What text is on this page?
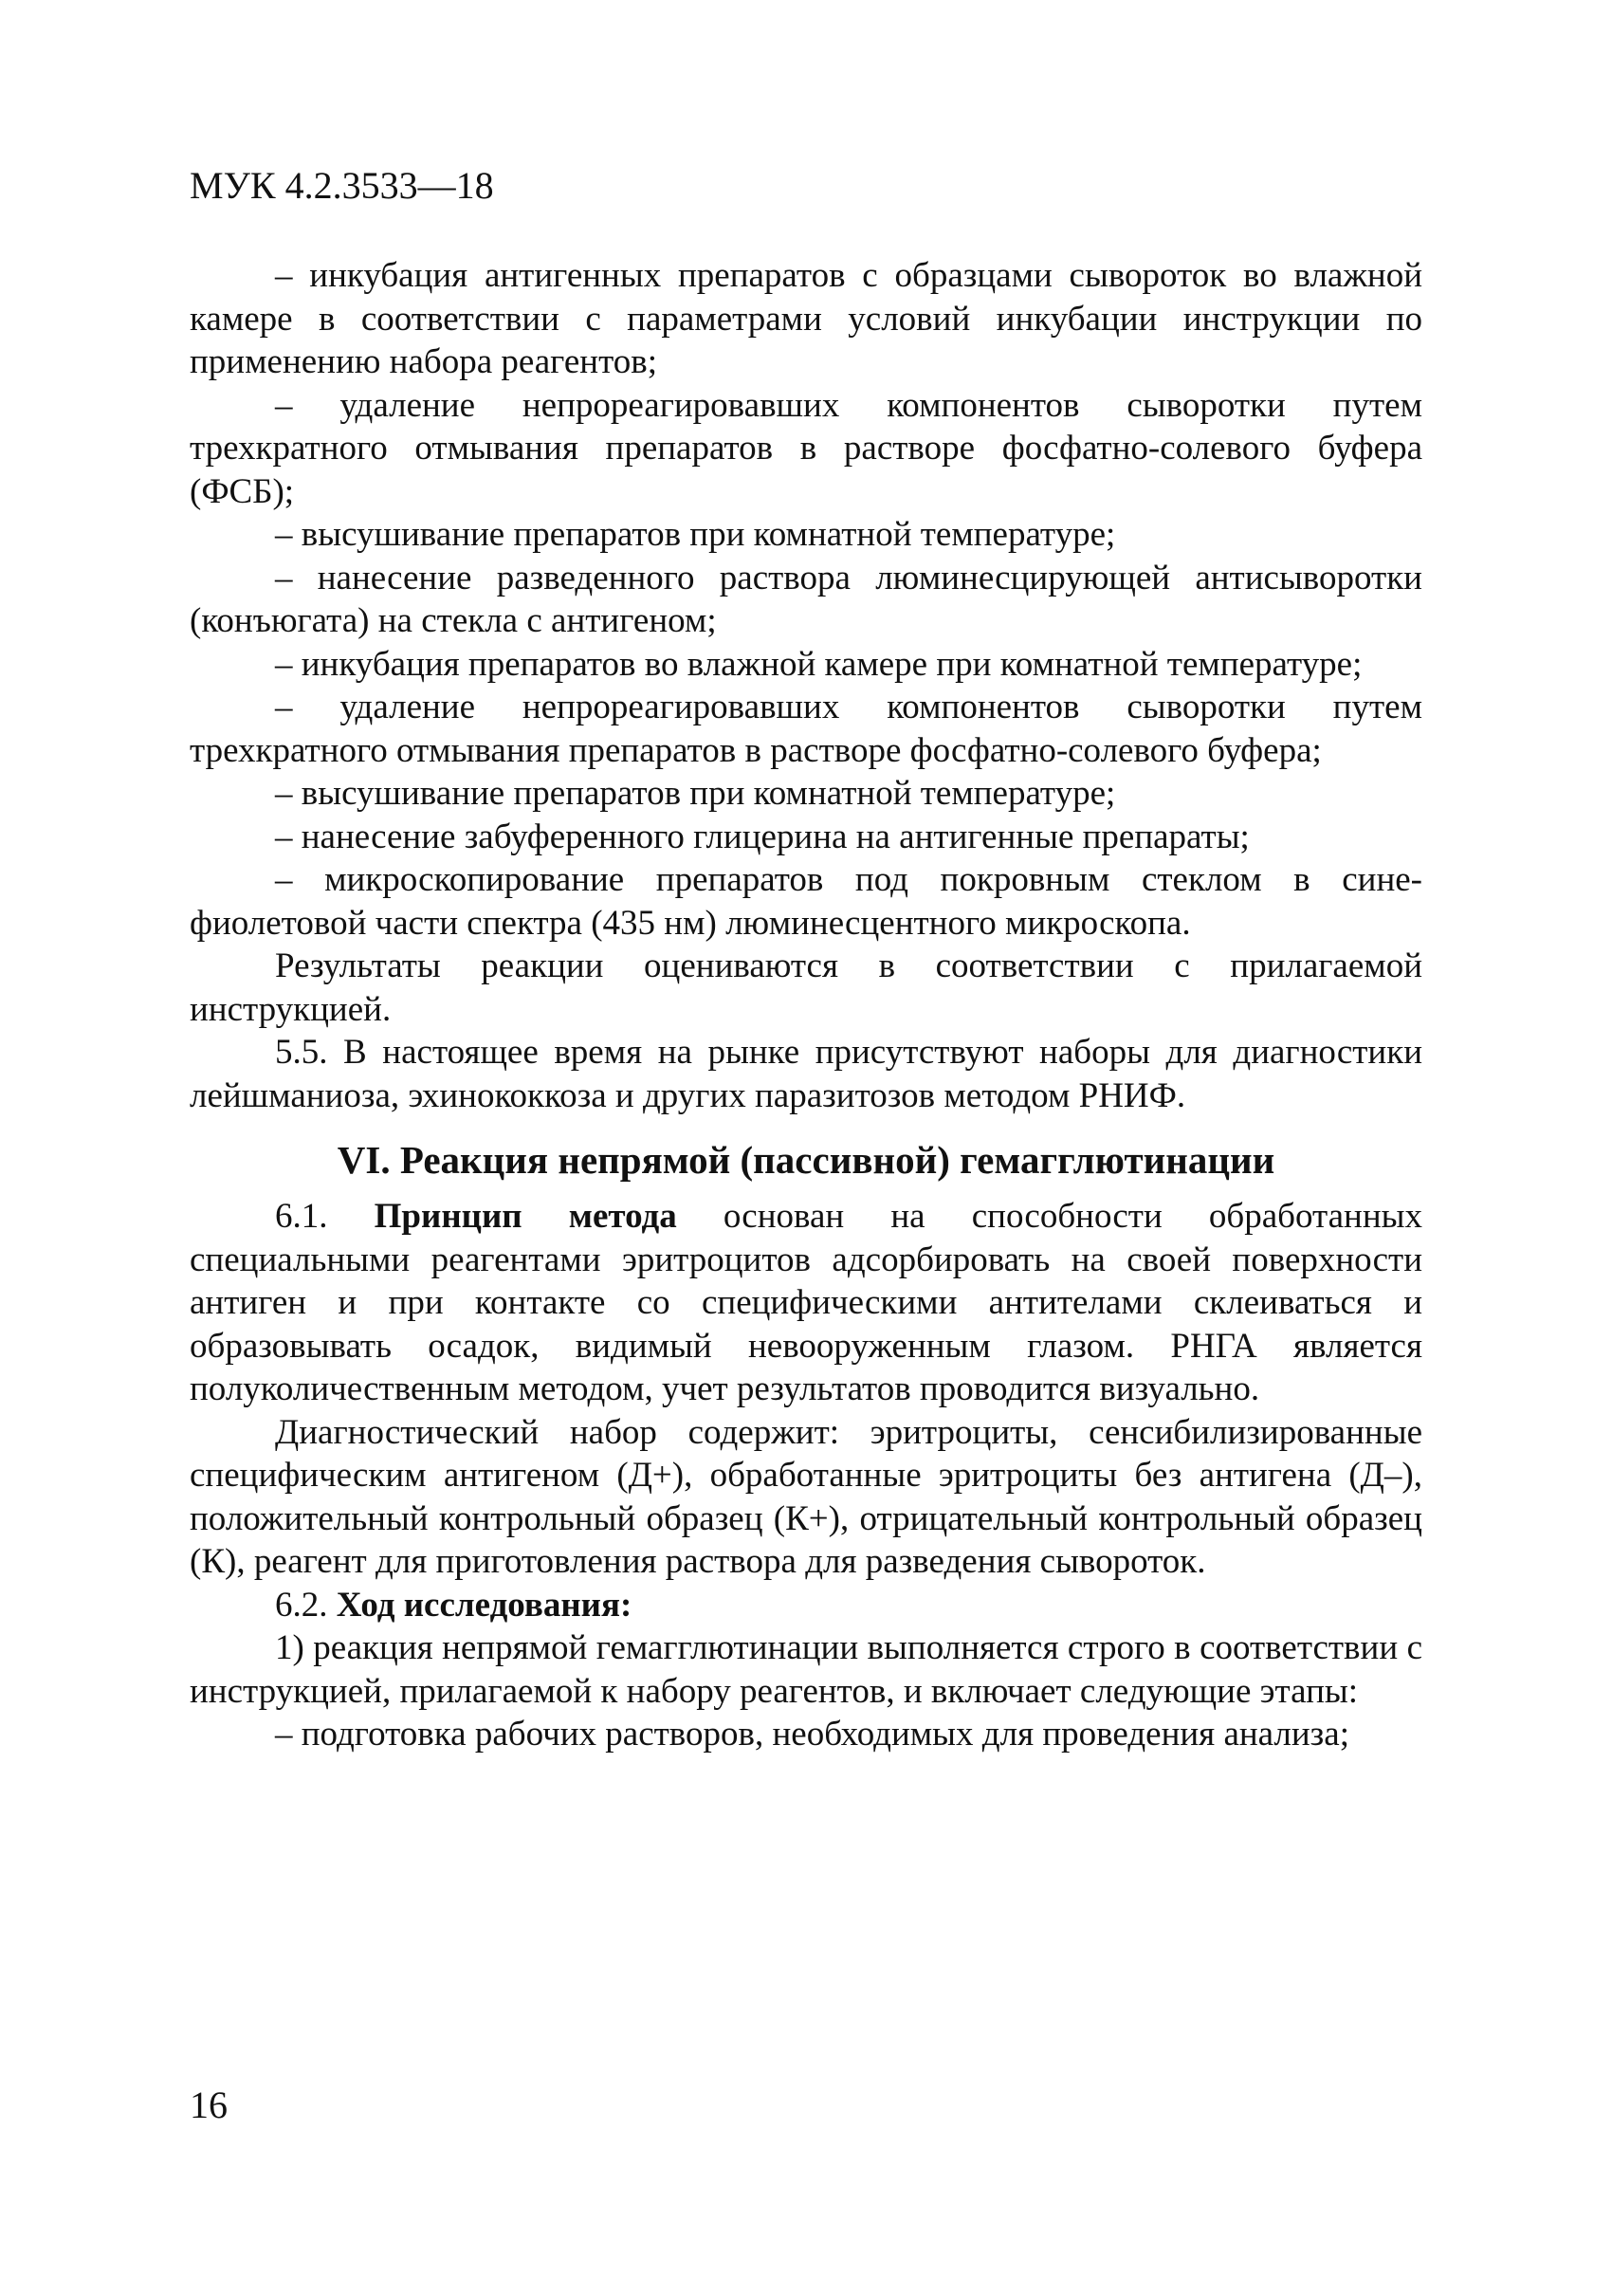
МУК 4.2.3533—18

– инкубация антигенных препаратов с образцами сывороток во влажной камере в соответствии с параметрами условий инкубации инструкции по применению набора реагентов;

– удаление непрореагировавших компонентов сыворотки путем трехкратного отмывания препаратов в растворе фосфатно-солевого буфера (ФСБ);

– высушивание препаратов при комнатной температуре;

– нанесение разведенного раствора люминесцирующей антисыворотки (конъюгата) на стекла с антигеном;

– инкубация препаратов во влажной камере при комнатной температуре;

– удаление непрореагировавших компонентов сыворотки путем трехкратного отмывания препаратов в растворе фосфатно-солевого буфера;

– высушивание препаратов при комнатной температуре;

– нанесение забуференного глицерина на антигенные препараты;

– микроскопирование препаратов под покровным стеклом в сине-фиолетовой части спектра (435 нм) люминесцентного микроскопа.

Результаты реакции оцениваются в соответствии с прилагаемой инструкцией.

5.5. В настоящее время на рынке присутствуют наборы для диагностики лейшманиоза, эхинококкоза и других паразитозов методом РНИФ.

VI. Реакция непрямой (пассивной) гемагглютинации

6.1. Принцип метода основан на способности обработанных специальными реагентами эритроцитов адсорбировать на своей поверхности антиген и при контакте со специфическими антителами склеиваться и образовывать осадок, видимый невооруженным глазом. РНГА является полуколичественным методом, учет результатов проводится визуально.

Диагностический набор содержит: эритроциты, сенсибилизированные специфическим антигеном (Д+), обработанные эритроциты без антигена (Д–), положительный контрольный образец (К+), отрицательный контрольный образец (К), реагент для приготовления раствора для разведения сывороток.

6.2. Ход исследования:

1) реакция непрямой гемагглютинации выполняется строго в соответствии с инструкцией, прилагаемой к набору реагентов, и включает следующие этапы:

– подготовка рабочих растворов, необходимых для проведения анализа;

16
